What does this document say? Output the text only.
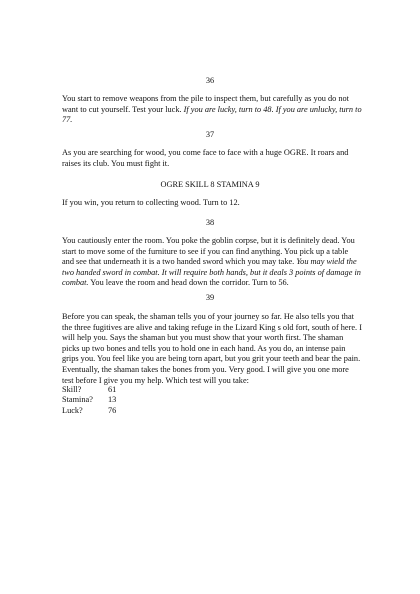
36

You start to remove weapons from the pile to inspect them, but carefully as you do not want to cut yourself. Test your luck. If you are lucky, turn to 48. If you are unlucky, turn to 77.

37

As you are searching for wood, you come face to face with a huge OGRE. It roars and raises its club. You must fight it.

OGRE SKILL 8 STAMINA 9

If you win, you return to collecting wood. Turn to 12.

38

You cautiously enter the room. You poke the goblin corpse, but it is definitely dead. You start to move some of the furniture to see if you can find anything. You pick up a table and see that underneath it is a two handed sword which you may take. You may wield the two handed sword in combat. It will require both hands, but it deals 3 points of damage in combat. You leave the room and head down the corridor. Turn to 56.

39

Before you can speak, the shaman tells you of your journey so far. He also tells you that the three fugitives are alive and taking refuge in the Lizard King s old fort, south of here. I will help you. Says the shaman but you must show that your worth first. The shaman picks up two bones and tells you to hold one in each hand. As you do, an intense pain grips you. You feel like you are being torn apart, but you grit your teeth and bear the pain. Eventually, the shaman takes the bones from you. Very good. I will give you one more test before I give you my help. Which test will you take:

Skill?	61
Stamina?	13
Luck?	76
